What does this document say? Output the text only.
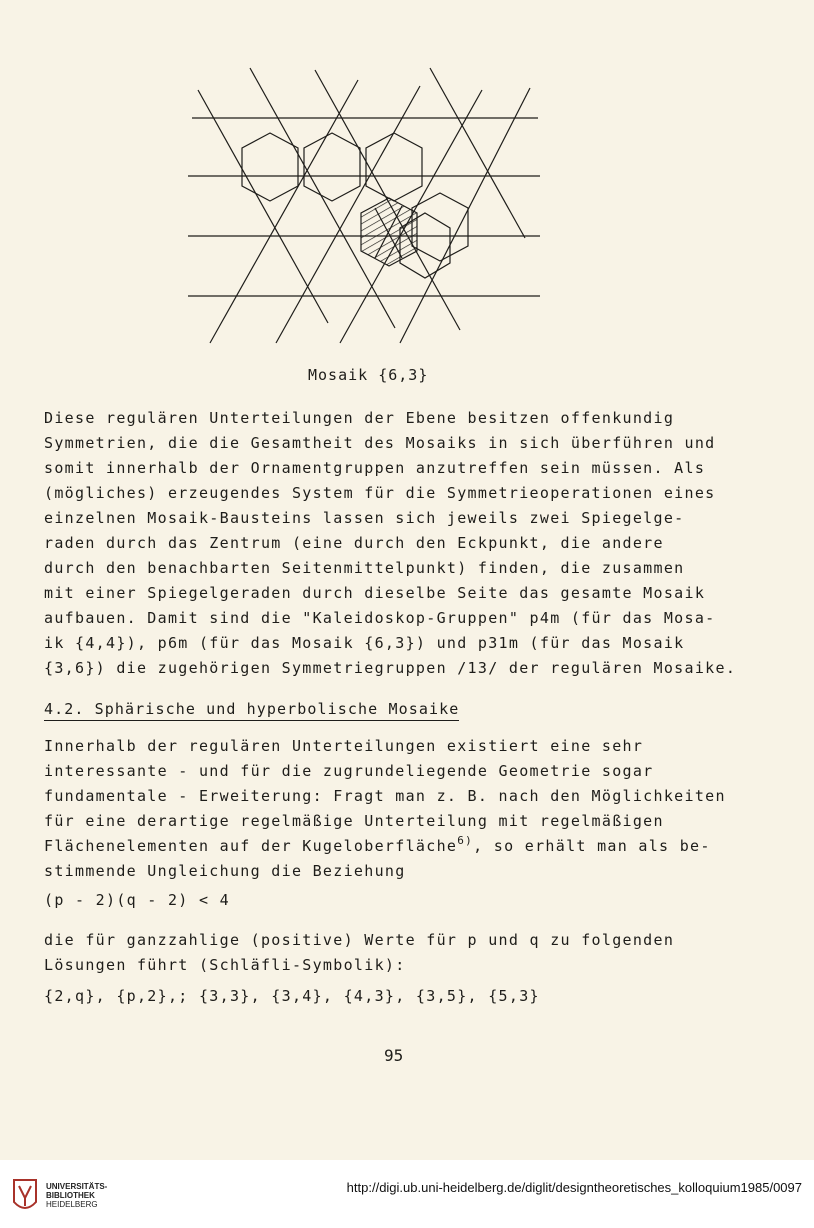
Mosaik {6,3}
Diese regulären Unterteilungen der Ebene besitzen offenkundig
Symmetrien, die die Gesamtheit des Mosaiks in sich überführen und
somit innerhalb der Ornamentgruppen anzutreffen sein müssen. Als
(mögliches) erzeugendes System für die Symmetrieoperationen eines
einzelnen Mosaik-Bausteins lassen sich jeweils zwei Spiegelge-
raden durch das Zentrum (eine durch den Eckpunkt, die andere
durch den benachbarten Seitenmittelpunkt) finden, die zusammen
mit einer Spiegelgeraden durch dieselbe Seite das gesamte Mosaik
aufbauen. Damit sind die "Kaleidoskop-Gruppen" p4m (für das Mosa-
ik {4,4}), p6m (für das Mosaik {6,3}) und p31m (für das Mosaik
{3,6}) die zugehörigen Symmetriegruppen /13/ der regulären Mosaike.
4.2. Sphärische und hyperbolische Mosaike
Innerhalb der regulären Unterteilungen existiert eine sehr
interessante - und für die zugrundeliegende Geometrie sogar
fundamentale - Erweiterung: Fragt man z. B. nach den Möglichkeiten
für eine derartige regelmäßige Unterteilung mit regelmäßigen
Flächenelementen auf der Kugeloberfläche$^{6)}$, so erhält man als be-
stimmende Ungleichung die Beziehung
(p - 2)(q - 2) < 4
die für ganzzahlige (positive) Werte für p und q zu folgenden
Lösungen führt (Schläfli-Symbolik):
{2,q}, {p,2},; {3,3}, {3,4}, {4,3}, {3,5}, {5,3}
95
UNIVERSITÄTS-
BIBLIOTHEK
HEIDELBERG
http://digi.ub.uni-heidelberg.de/diglit/designtheoretisches_kolloquium1985/0097
